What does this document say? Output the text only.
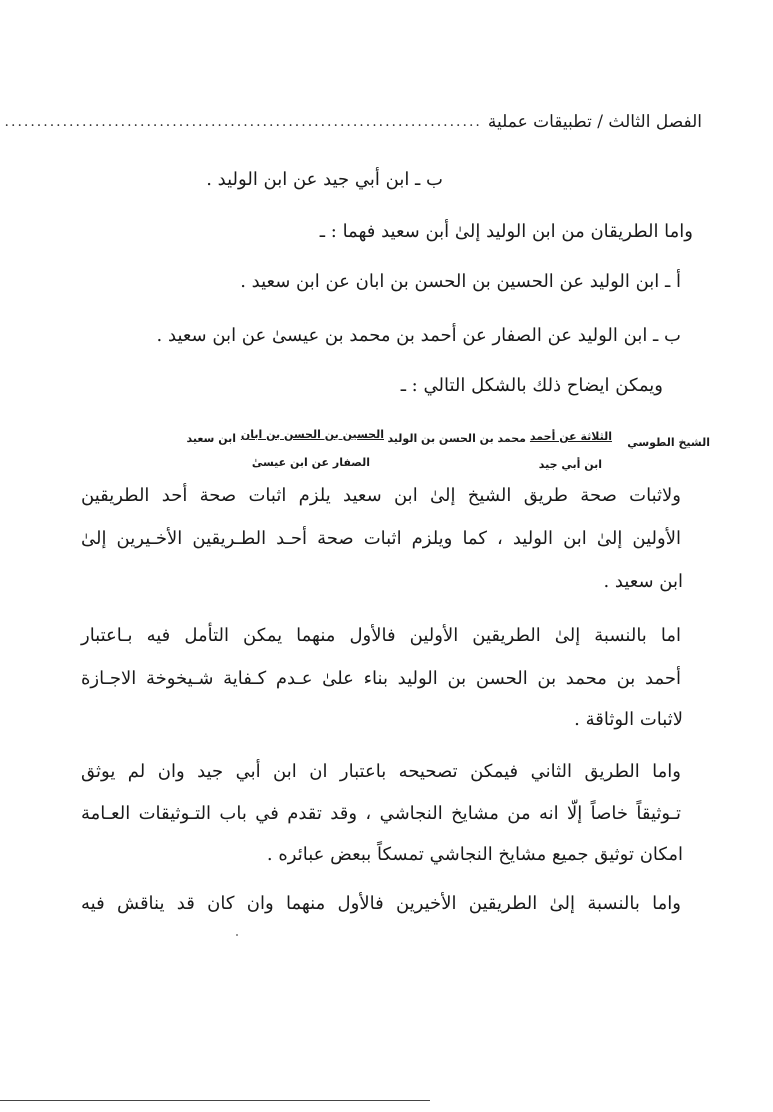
الفصل الثالث / تطبيقات عملية
..........................................................................
ب ـ ابن أبي جيد عن ابن الوليد .
واما الطريقان من ابن الوليد إلىٰ أبن سعيد فهما : ـ
أ ـ ابن الوليد عن الحسين بن الحسن بن ابان عن ابن سعيد .
ب ـ ابن الوليد عن الصفار عن أحمد بن محمد بن عيسىٰ عن ابن سعيد .
ويمكن ايضاح ذلك بالشكل التالي : ـ
الشيخ الطوسي
الثلاثة عن أحمد
ابن أبي جيد
محمد بن الحسن بن الوليد
الحسين بن الحسن بن ابان
الصفار عن ابن عيسىٰ
ابن سعيد
ولاثبات صحة طريق الشيخ إلىٰ ابن سعيد يلزم اثبات صحة أحد الطريقين
الأولين إلىٰ ابن الوليد ، كما ويلزم اثبات صحة أحـد الطـريقين الأخـيرين إلىٰ
ابن سعيد .
اما بالنسبة إلىٰ الطريقين الأولين فالأول منهما يمكن التأمل فيه بـاعتبار
أحمد بن محمد بن الحسن بن الوليد بناء علىٰ عـدم كـفاية شـيخوخة الاجـازة
لاثبات الوثاقة .
واما الطريق الثاني فيمكن تصحيحه باعتبار ان ابن أبي جيد وان لم يوثق
تـوثيقاً خاصاً إلّا انه من مشايخ النجاشي ، وقد تقدم في باب التـوثيقات العـامة
امكان توثيق جميع مشايخ النجاشي تمسكاً ببعض عبائره .
واما بالنسبة إلىٰ الطريقين الأخيرين فالأول منهما وان كان قد يناقش فيه
